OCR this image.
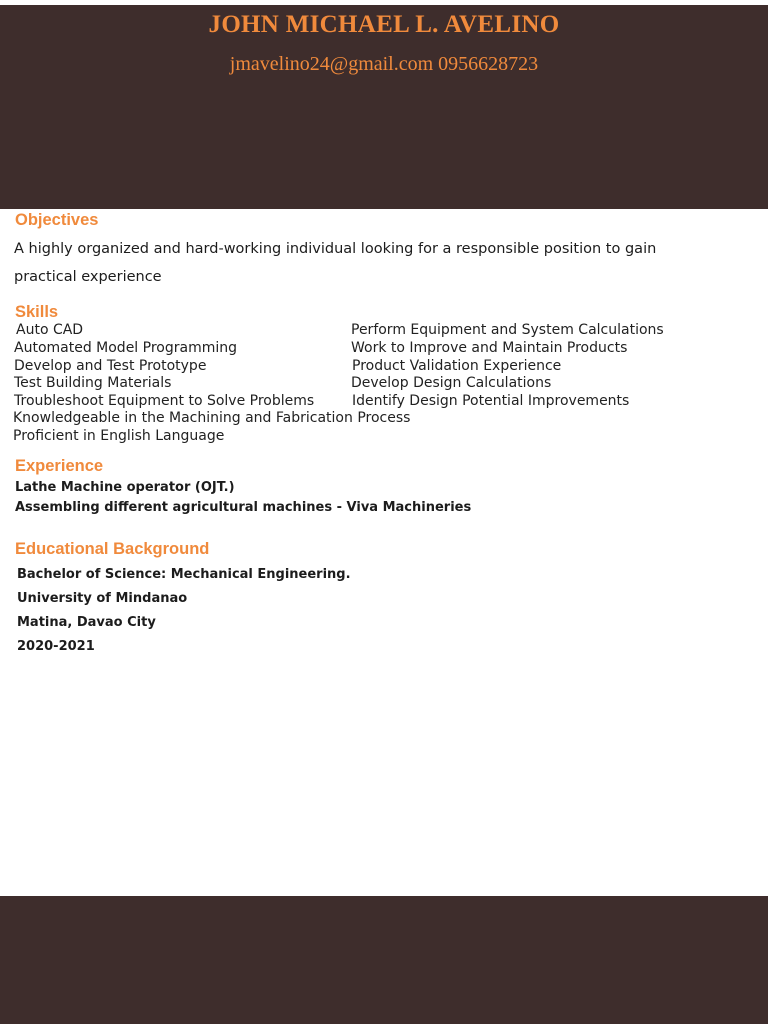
JOHN MICHAEL L. AVELINO
jmavelino24@gmail.com 0956628723
Objectives
A highly organized and hard-working individual looking for a responsible position to gain practical experience
Skills
Auto CAD
Automated Model Programming
Develop and Test Prototype
Test Building Materials
Troubleshoot Equipment to Solve Problems
Knowledgeable in the Machining and Fabrication Process
Proficient in English Language
Perform Equipment and System Calculations
Work to Improve and Maintain Products
Product Validation Experience
Develop Design Calculations
Identify Design Potential Improvements
Experience
Lathe Machine operator (OJT.)
Assembling different agricultural machines - Viva Machineries
Educational Background
Bachelor of Science: Mechanical Engineering.
University of Mindanao
Matina, Davao City
2020-2021
